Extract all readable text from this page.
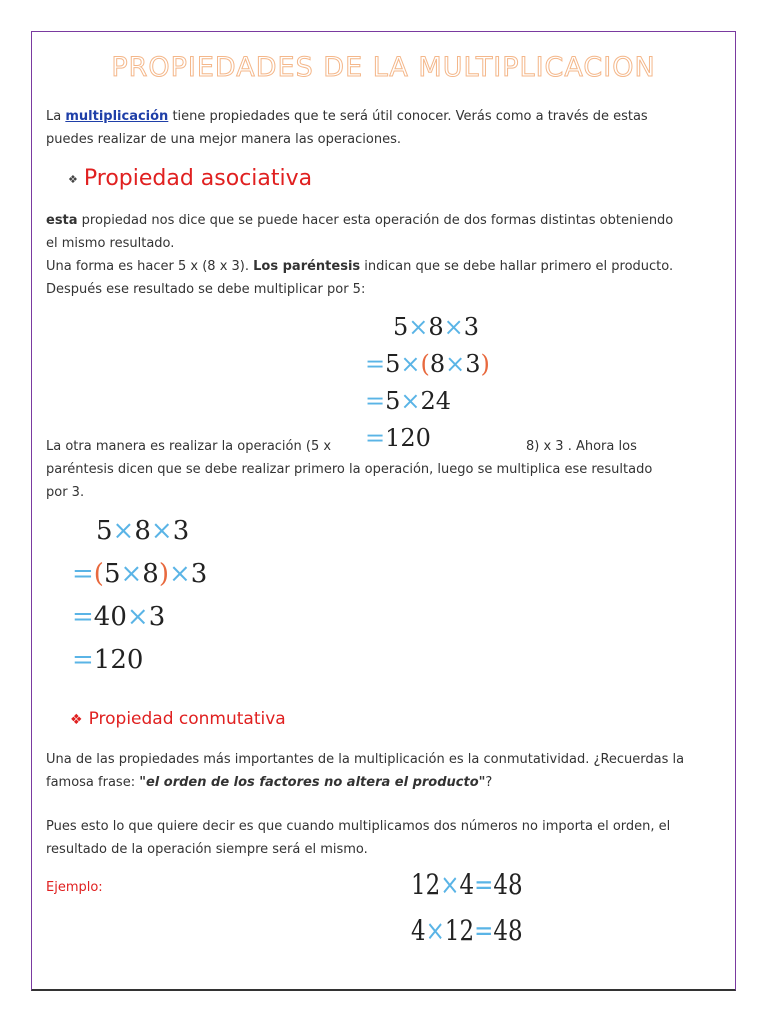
PROPIEDADES DE LA MULTIPLICACION
La multiplicación tiene propiedades que te será útil conocer. Verás como a través de estas
puedes realizar de una mejor manera las operaciones.
❖ Propiedad asociativa
esta propiedad nos dice que se puede hacer esta operación de dos formas distintas obteniendo
el mismo resultado.
Una forma es hacer 5 x (8 x 3). Los paréntesis indican que se debe hallar primero el producto.
Después ese resultado se debe multiplicar por 5:
5×8×3
=5×(8×3)
=5×24
=120
La otra manera es realizar la operación (5 x	8) x 3 . Ahora los
paréntesis dicen que se debe realizar primero la operación, luego se multiplica ese resultado
por 3.
5×8×3
=(5×8)×3
=40×3
=120
❖ Propiedad conmutativa
Una de las propiedades más importantes de la multiplicación es la conmutatividad. ¿Recuerdas la
famosa frase: "el orden de los factores no altera el producto"?
Pues esto lo que quiere decir es que cuando multiplicamos dos números no importa el orden, el
resultado de la operación siempre será el mismo.
Ejemplo:	12×4=48
4×12=48
